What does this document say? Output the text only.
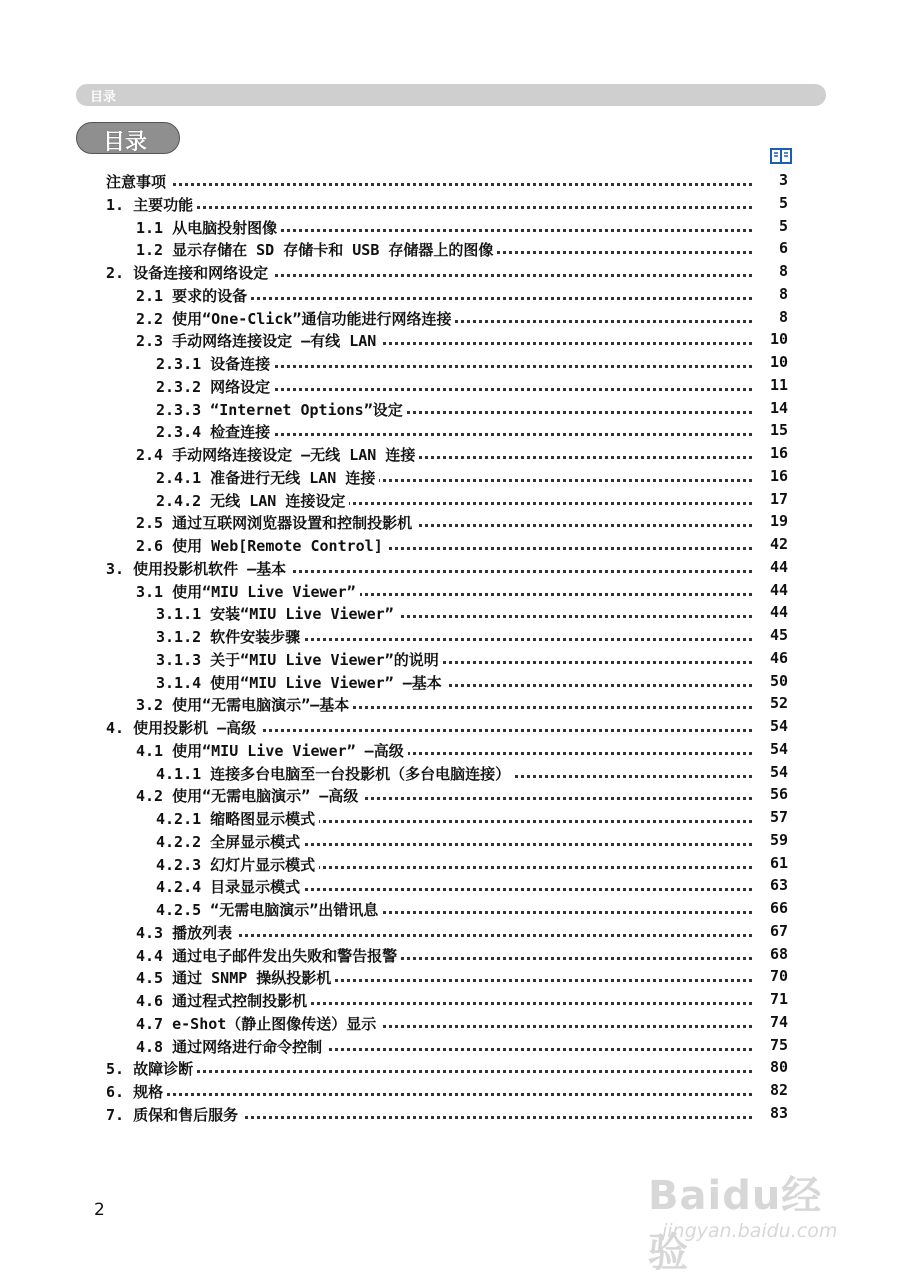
目录
目录
注意事项	3
1. 主要功能	5
1.1 从电脑投射图像	5
1.2 显示存储在 SD 存储卡和 USB 存储器上的图像	6
2. 设备连接和网络设定	8
2.1 要求的设备	8
2.2 使用“One-Click”通信功能进行网络连接	8
2.3 手动网络连接设定 —有线 LAN	10
2.3.1 设备连接	10
2.3.2 网络设定	11
2.3.3 “Internet Options”设定	14
2.3.4 检查连接	15
2.4 手动网络连接设定 —无线 LAN 连接	16
2.4.1 准备进行无线 LAN 连接	16
2.4.2 无线 LAN 连接设定	17
2.5 通过互联网浏览器设置和控制投影机	19
2.6 使用 Web[Remote Control]	42
3. 使用投影机软件 —基本	44
3.1 使用“MIU Live Viewer”	44
3.1.1 安装“MIU Live Viewer”	44
3.1.2 软件安装步骤	45
3.1.3 关于“MIU Live Viewer”的说明	46
3.1.4 使用“MIU Live Viewer” —基本	50
3.2 使用“无需电脑演示”—基本	52
4. 使用投影机 —高级	54
4.1 使用“MIU Live Viewer” —高级	54
4.1.1 连接多台电脑至一台投影机（多台电脑连接）	54
4.2 使用“无需电脑演示” —高级	56
4.2.1 缩略图显示模式	57
4.2.2 全屏显示模式	59
4.2.3 幻灯片显示模式	61
4.2.4 目录显示模式	63
4.2.5 “无需电脑演示”出错讯息	66
4.3 播放列表	67
4.4 通过电子邮件发出失败和警告报警	68
4.5 通过 SNMP 操纵投影机	70
4.6 通过程式控制投影机	71
4.7 e-Shot（静止图像传送）显示	74
4.8 通过网络进行命令控制	75
5. 故障诊断	80
6. 规格	82
7. 质保和售后服务	83
2	Baidu经验
jingyan.baidu.com
